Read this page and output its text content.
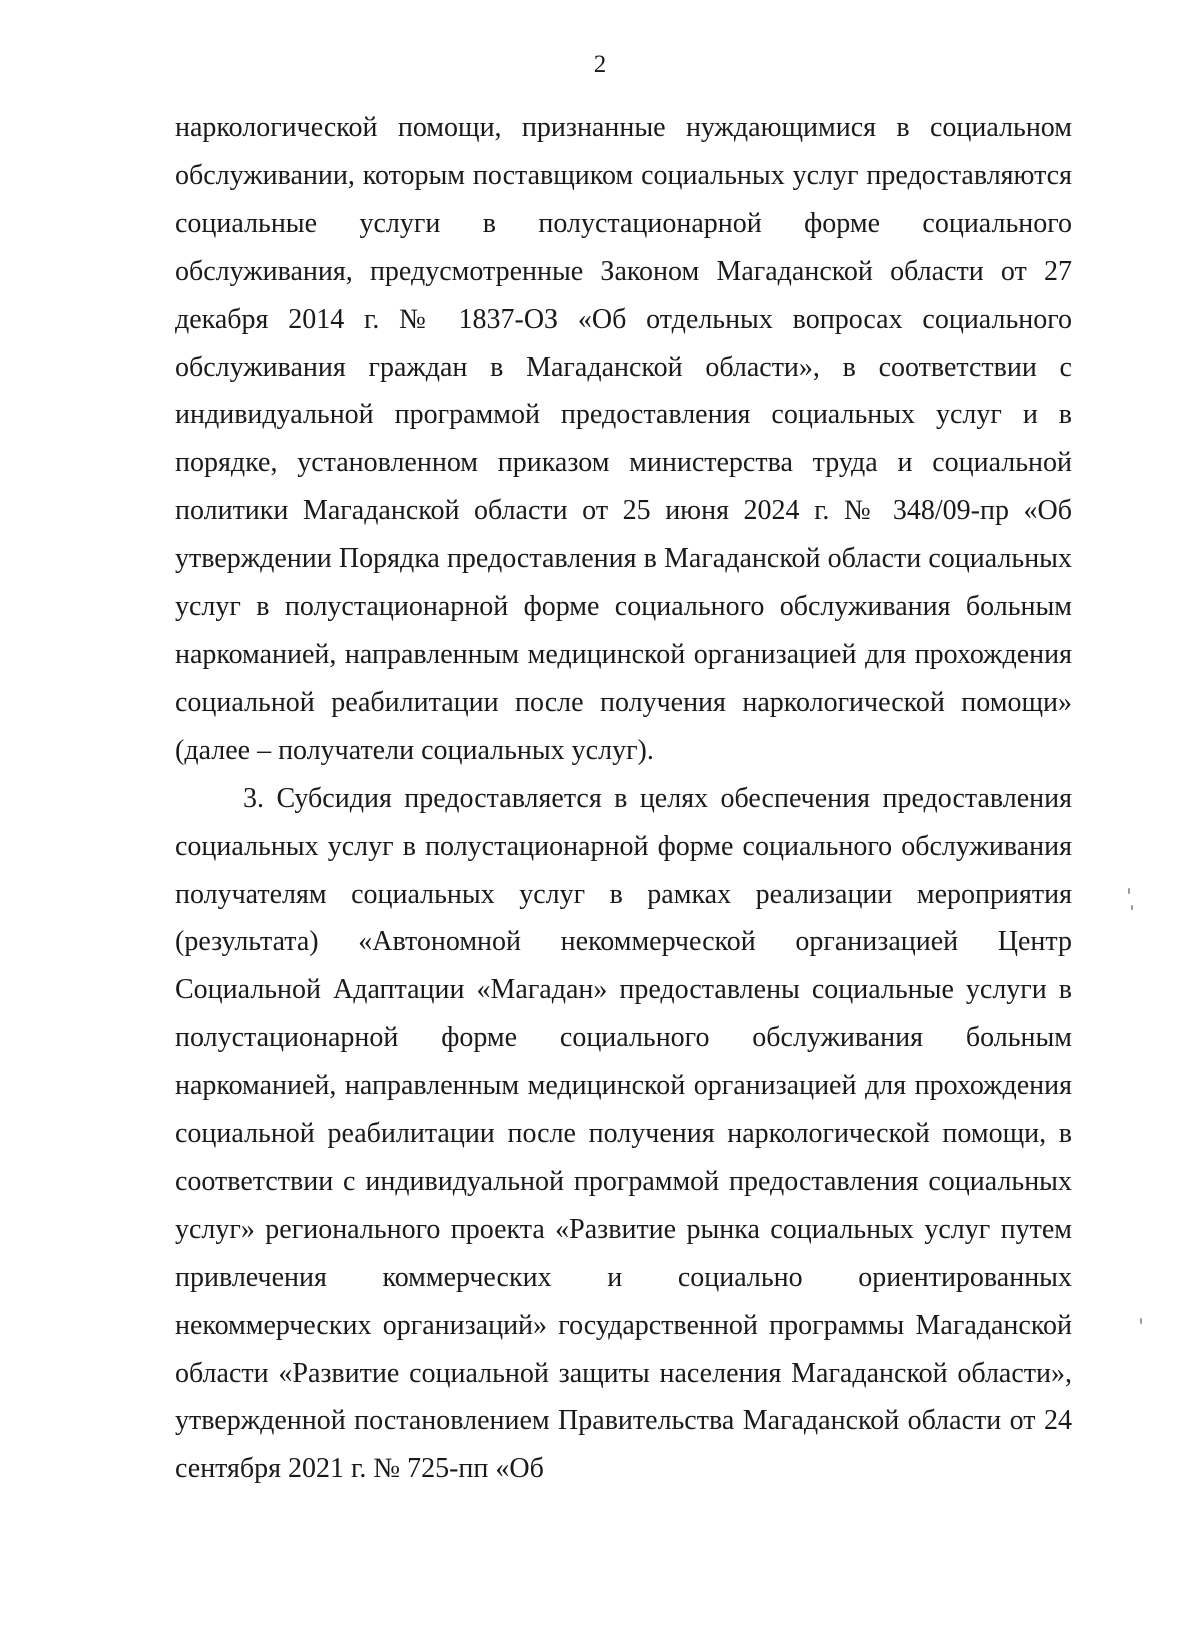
2

наркологической помощи, признанные нуждающимися в социальном обслуживании, которым поставщиком социальных услуг предоставляются социальные услуги в полустационарной форме социального обслуживания, предусмотренные Законом Магаданской области от 27 декабря 2014 г. № 1837-ОЗ «Об отдельных вопросах социального обслуживания граждан в Магаданской области», в соответствии с индивидуальной программой предоставления социальных услуг и в порядке, установленном приказом министерства труда и социальной политики Магаданской области от 25 июня 2024 г. № 348/09-пр «Об утверждении Порядка предоставления в Магаданской области социальных услуг в полустационарной форме социального обслуживания больным наркоманией, направленным медицинской организацией для прохождения социальной реабилитации после получения наркологической помощи» (далее – получатели социальных услуг).

3. Субсидия предоставляется в целях обеспечения предоставления социальных услуг в полустационарной форме социального обслуживания получателям социальных услуг в рамках реализации мероприятия (результата) «Автономной некоммерческой организацией Центр Социальной Адаптации «Магадан» предоставлены социальные услуги в полустационарной форме социального обслуживания больным наркоманией, направленным медицинской организацией для прохождения социальной реабилитации после получения наркологической помощи, в соответствии с индивидуальной программой предоставления социальных услуг» регионального проекта «Развитие рынка социальных услуг путем привлечения коммерческих и социально ориентированных некоммерческих организаций» государственной программы Магаданской области «Развитие социальной защиты населения Магаданской области», утвержденной постановлением Правительства Магаданской области от 24 сентября 2021 г. № 725-пп «Об
